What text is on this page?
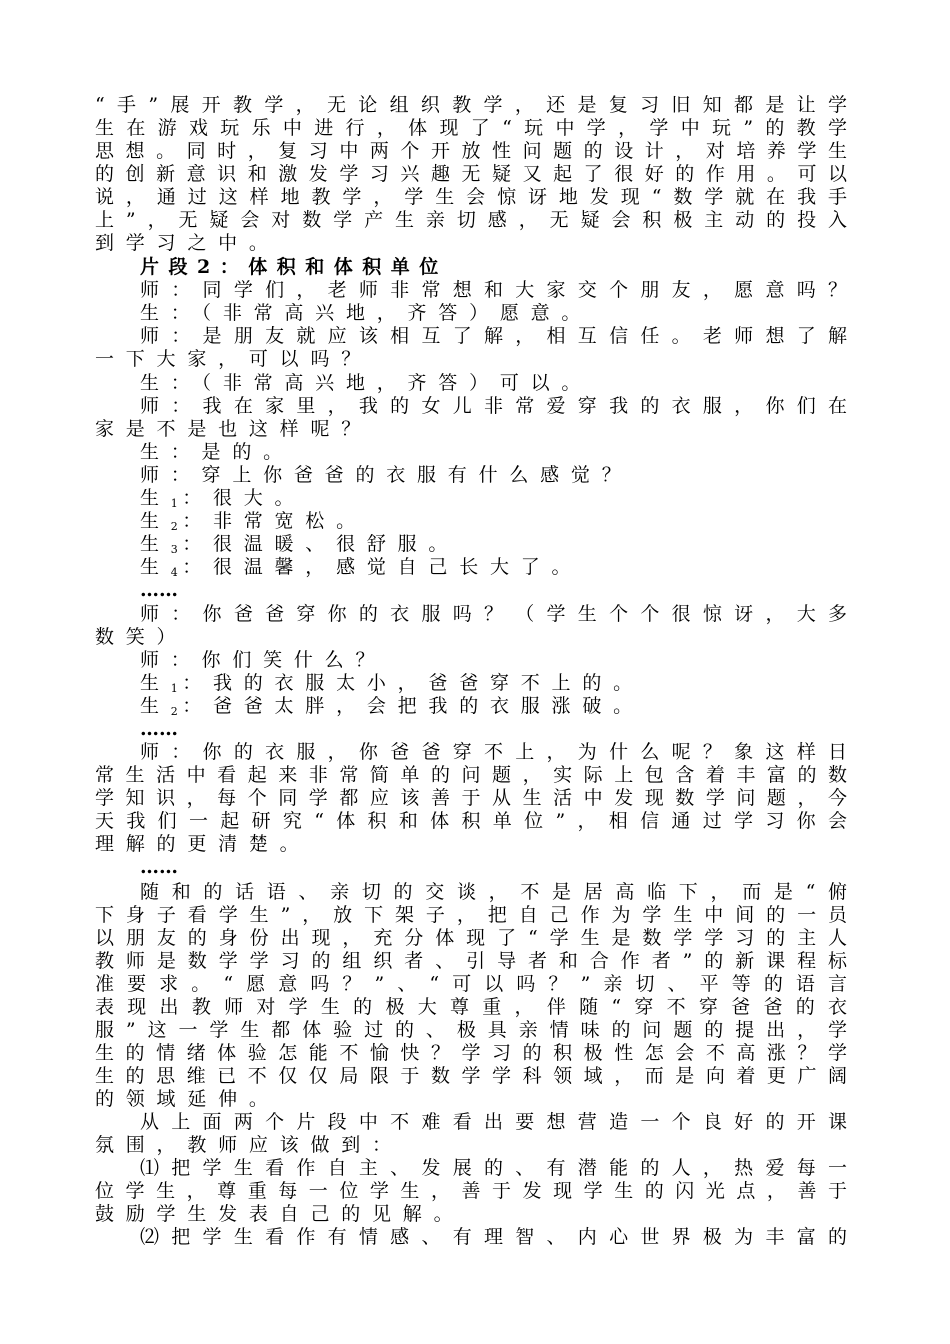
“手”展开教学，无论组织教学，还是复习旧知都是让学
生在游戏玩乐中进行，体现了“玩中学，学中玩”的教学
思想。同时，复习中两个开放性问题的设计，对培养学生
的创新意识和激发学习兴趣无疑又起了很好的作用。可以
说，通过这样地教学，学生会惊讶地发现“数学就在我手
上”，无疑会对数学产生亲切感，无疑会积极主动的投入
到学习之中。
片段2：体积和体积单位
师：同学们，老师非常想和大家交个朋友，愿意吗？
生：（非常高兴地，齐答）愿意。
师：是朋友就应该相互了解，相互信任。老师想了解
一下大家，可以吗？
生：（非常高兴地，齐答）可以。
师：我在家里，我的女儿非常爱穿我的衣服，你们在
家是不是也这样呢？
生：是的。
师：穿上你爸爸的衣服有什么感觉？
生$_1$：很大。
生$_2$：非常宽松。
生$_3$：很温暖、很舒服。
生$_4$：很温馨，感觉自己长大了。
……
师：你爸爸穿你的衣服吗？（学生个个很惊讶，大多
数笑）
师：你们笑什么？
生$_1$：我的衣服太小，爸爸穿不上的。
生$_2$：爸爸太胖，会把我的衣服涨破。
……
师：你的衣服，你爸爸穿不上，为什么呢？象这样日
常生活中看起来非常简单的问题，实际上包含着丰富的数
学知识，每个同学都应该善于从生活中发现数学问题，今
天我们一起研究“体积和体积单位”，相信通过学习你会
理解的更清楚。
……
随和的话语、亲切的交谈，不是居高临下，而是“俯
下身子看学生”，放下架子，把自己作为学生中间的一员
以朋友的身份出现，充分体现了“学生是数学学习的主人
教师是数学学习的组织者、引导者和合作者”的新课程标
准要求。“愿意吗？”、“可以吗？”亲切、平等的语言
表现出教师对学生的极大尊重，伴随“穿不穿爸爸的衣
服”这一学生都体验过的、极具亲情味的问题的提出，学
生的情绪体验怎能不愉快？学习的积极性怎会不高涨？学
生的思维已不仅仅局限于数学学科领域，而是向着更广阔
的领域延伸。
从上面两个片段中不难看出要想营造一个良好的开课
氛围，教师应该做到：
⑴把学生看作自主、发展的、有潜能的人，热爱每一
位学生，尊重每一位学生，善于发现学生的闪光点，善于
鼓励学生发表自己的见解。
⑵把学生看作有情感、有理智、内心世界极为丰富的
